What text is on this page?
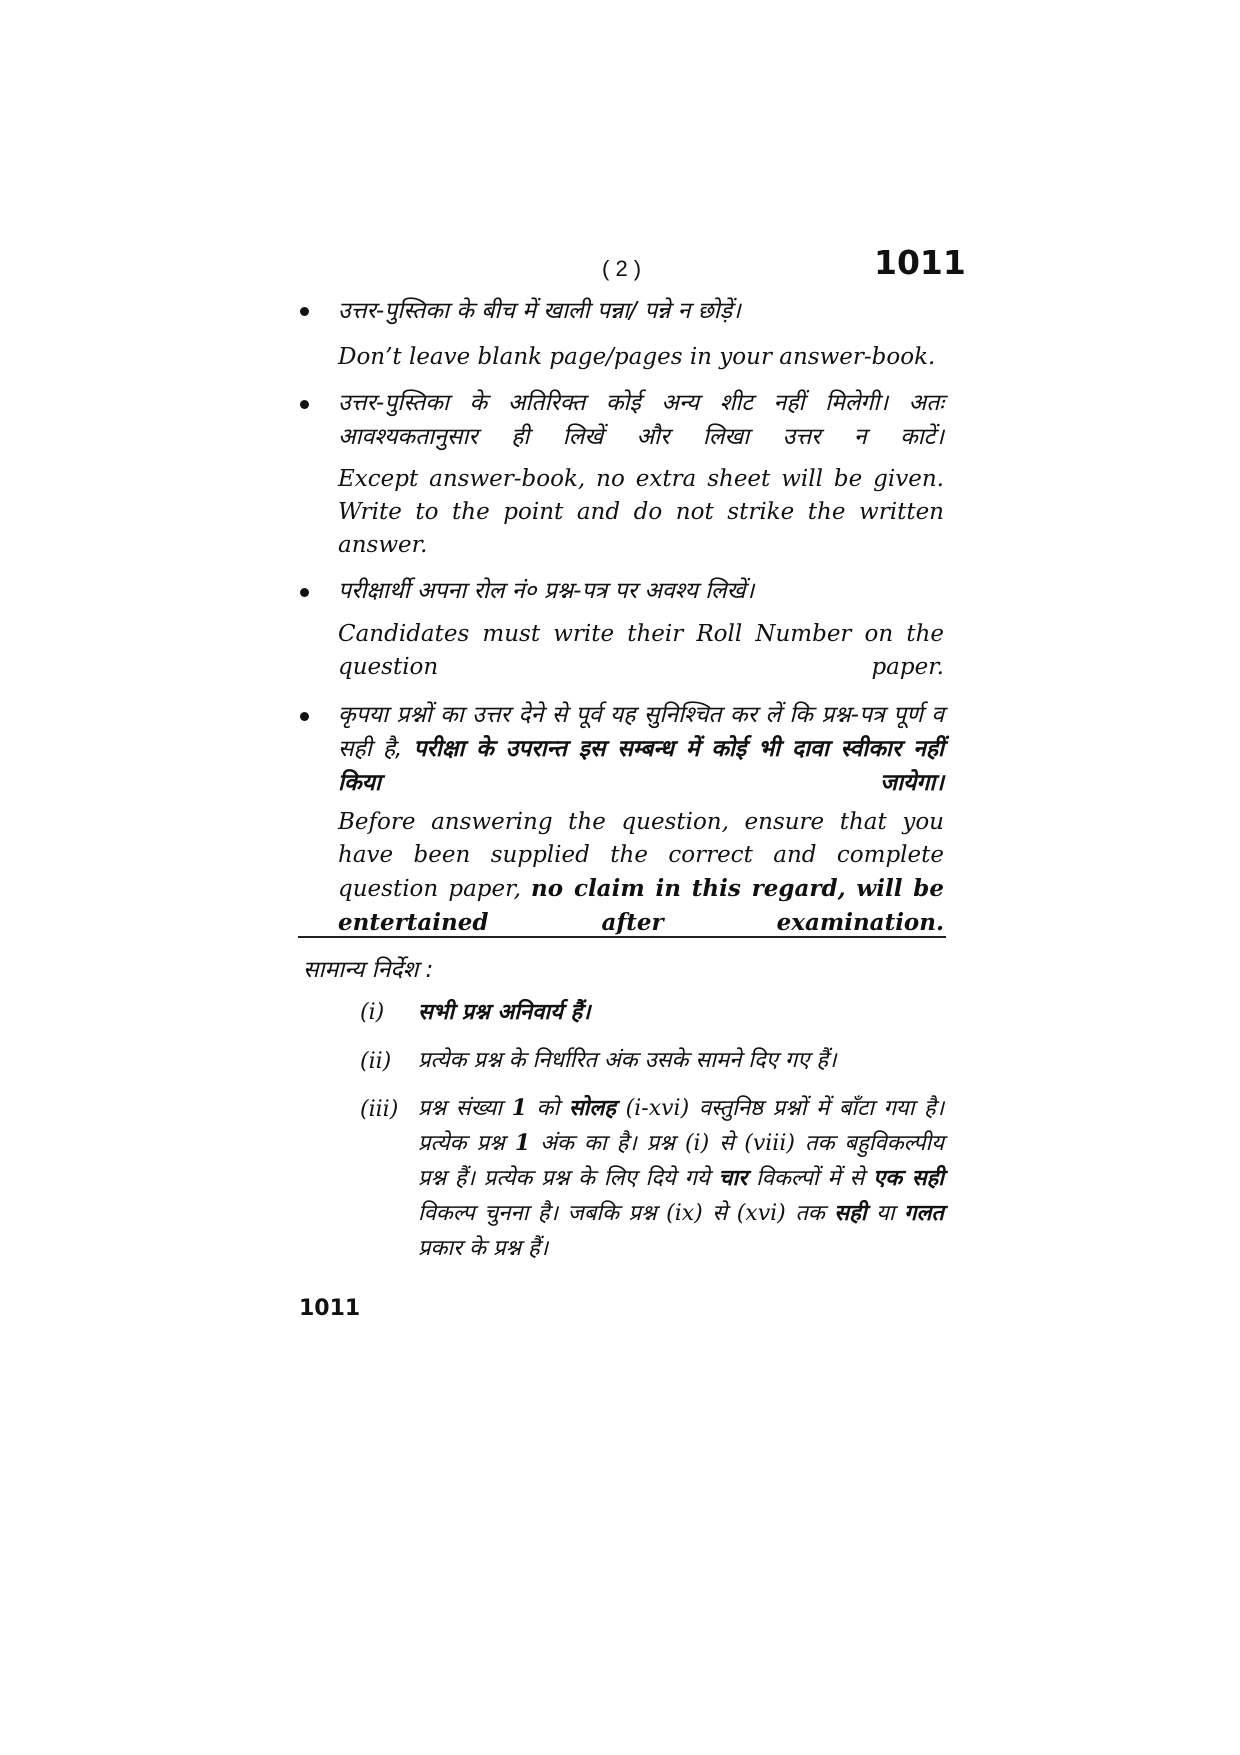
( 2 )	1011
उत्तर-पुस्तिका के बीच में खाली पन्ना/ पन्ने न छोड़ें।
Don’t leave blank page/pages in your answer-book.
उत्तर-पुस्तिका के अतिरिक्त कोई अन्य शीट नहीं मिलेगी। अतः आवश्यकतानुसार ही लिखें और लिखा उत्तर न काटें।
Except answer-book, no extra sheet will be given. Write to the point and do not strike the written answer.
परीक्षार्थी अपना रोल नं० प्रश्न-पत्र पर अवश्य लिखें।
Candidates must write their Roll Number on the question paper.
कृपया प्रश्नों का उत्तर देने से पूर्व यह सुनिश्चित कर लें कि प्रश्न-पत्र पूर्ण व सही है, परीक्षा के उपरान्त इस सम्बन्ध में कोई भी दावा स्वीकार नहीं किया जायेगा।
Before answering the question, ensure that you have been supplied the correct and complete question paper, no claim in this regard, will be entertained after examination.
सामान्य निर्देश :
(i) सभी प्रश्न अनिवार्य हैं।
(ii) प्रत्येक प्रश्न के निर्धारित अंक उसके सामने दिए गए हैं।
(iii) प्रश्न संख्या 1 को सोलह (i-xvi) वस्तुनिष्ठ प्रश्नों में बाँटा गया है। प्रत्येक प्रश्न 1 अंक का है। प्रश्न (i) से (viii) तक बहुविकल्पीय प्रश्न हैं। प्रत्येक प्रश्न के लिए दिये गये चार विकल्पों में से एक सही विकल्प चुनना है। जबकि प्रश्न (ix) से (xvi) तक सही या गलत प्रकार के प्रश्न हैं।
1011
